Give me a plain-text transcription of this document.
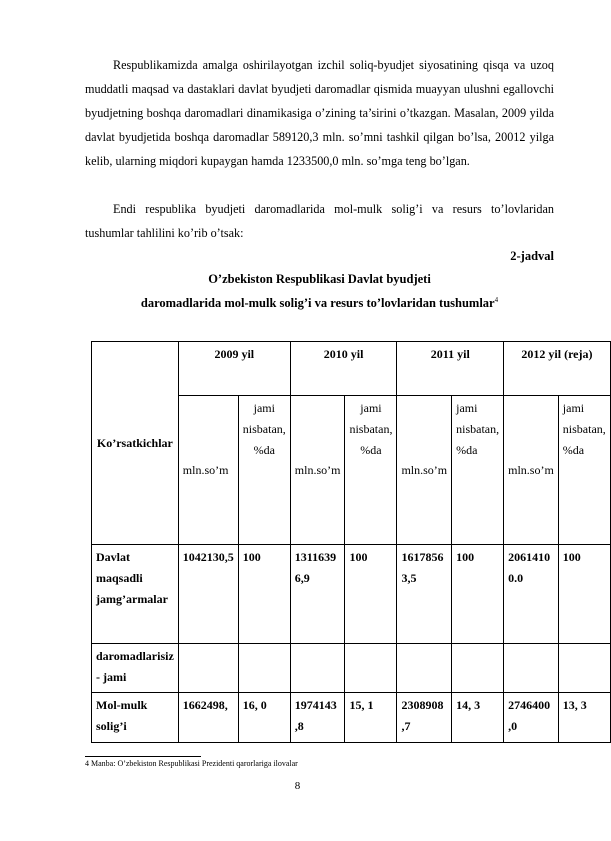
Respublikamizda amalga oshirilayotgan izchil soliq-byudjet siyosatining qisqa va uzoq muddatli maqsad va dastaklari davlat byudjeti daromadlar qismida muayyan ulushni egallovchi byudjetning boshqa daromadlari dinamikasiga o’zining ta’sirini o’tkazgan. Masalan, 2009 yilda davlat byudjetida boshqa daromadlar 589120,3 mln. so’mni tashkil qilgan bo’lsa, 20012 yilga kelib, ularning miqdori kupaygan hamda 1233500,0 mln. so’mga teng bo’lgan.
Endi respublika byudjeti daromadlarida mol-mulk solig’i va resurs to’lovlaridan tushumlar tahlilini ko’rib o’tsak:
2-jadval
O’zbekiston Respublikasi Davlat byudjeti
daromadlarida mol-mulk solig’i va resurs to’lovlaridan tushumlar$^4$
Ko’rsatkichlar	2009 yil		2010 yil		2011 yil		2012 yil (reja)	
	mln.so’m	jami nisbatan, %da	mln.so’m	jami nisbatan, %da	mln.so’m	jami nisbatan, %da	mln.so’m	jami nisbatan, %da
Davlat maqsadli jamg’armalar	1042130,5	100	1311639 6,9	100	1617856 3,5	100	2061410 0.0	100
daromadlarisiz - jami								
Mol-mulk solig’i	1662498,	16, 0	1974143 ,8	15, 1	2308908 ,7	14, 3	2746400 ,0	13, 3
4 Manba: O’zbekiston Respublikasi Prezidenti qarorlariga ilovalar
8
